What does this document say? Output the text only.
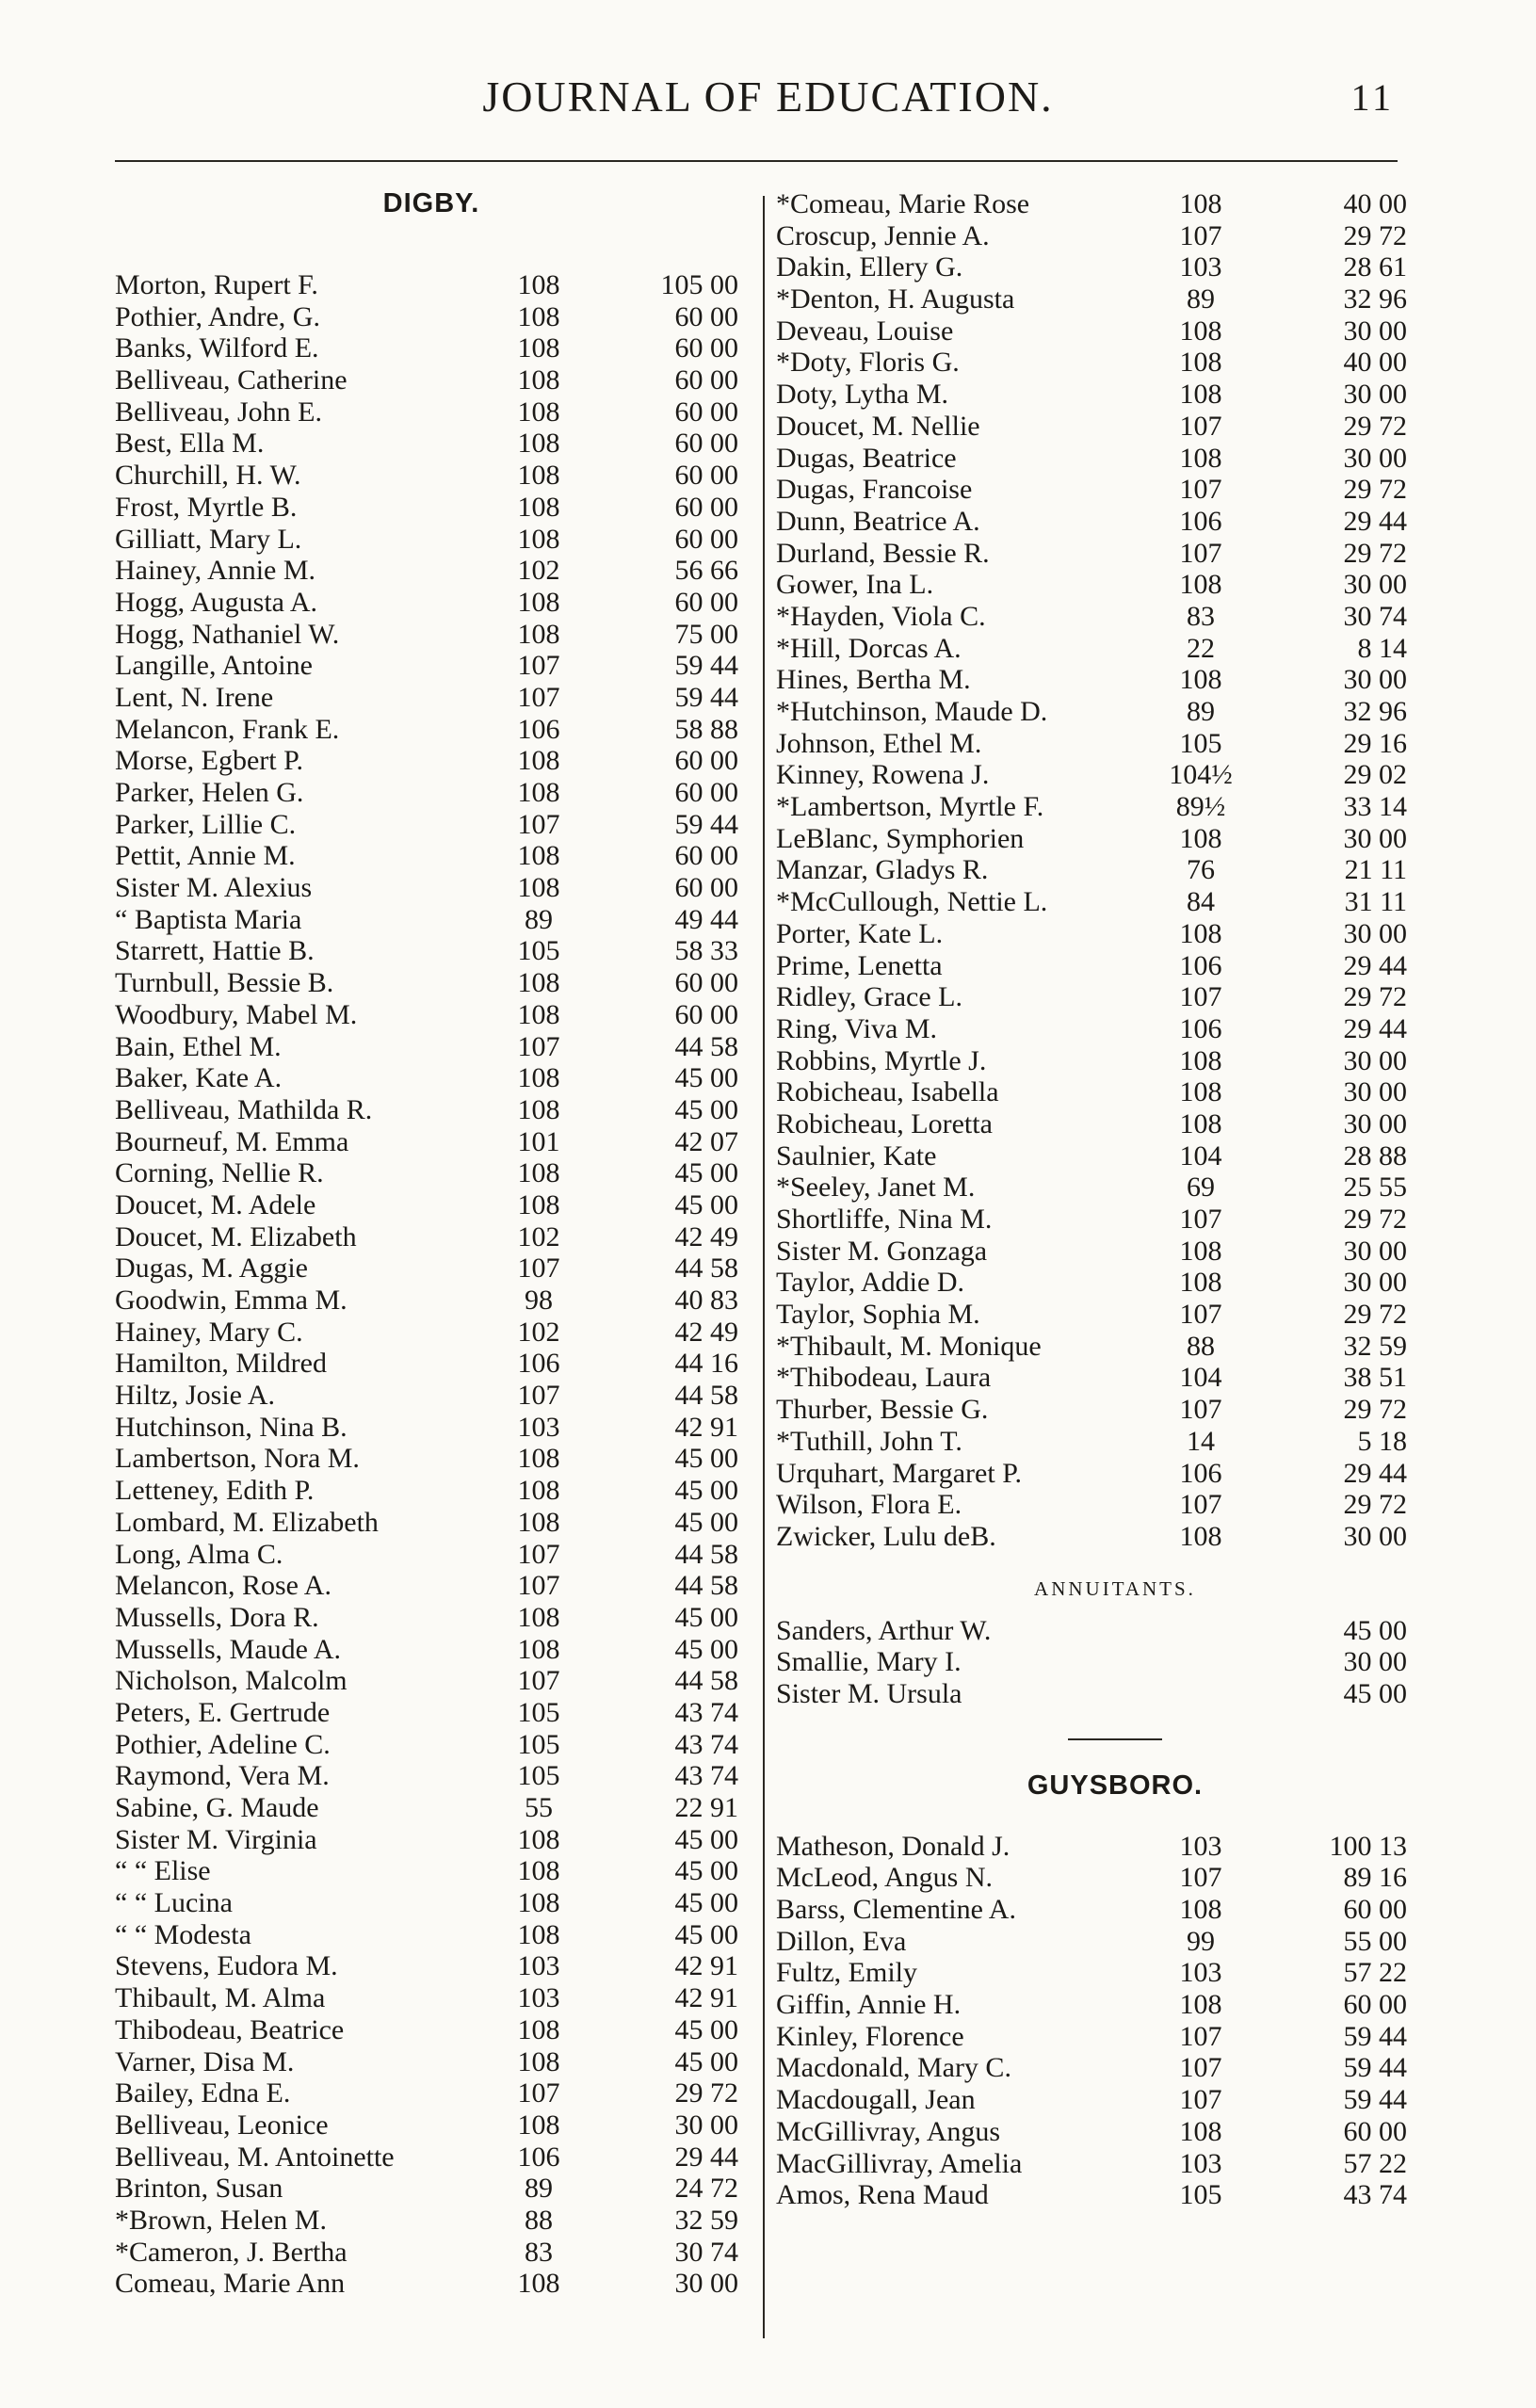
JOURNAL OF EDUCATION.	11
DIGBY.
Morton, Rupert F.	108	105 00
Pothier, Andre, G.	108	60 00
Banks, Wilford E.	108	60 00
Belliveau, Catherine	108	60 00
Belliveau, John E.	108	60 00
Best, Ella M.	108	60 00
Churchill, H. W.	108	60 00
Frost, Myrtle B.	108	60 00
Gilliatt, Mary L.	108	60 00
Hainey, Annie M.	102	56 66
Hogg, Augusta A.	108	60 00
Hogg, Nathaniel W.	108	75 00
Langille, Antoine	107	59 44
Lent, N. Irene	107	59 44
Melancon, Frank E.	106	58 88
Morse, Egbert P.	108	60 00
Parker, Helen G.	108	60 00
Parker, Lillie C.	107	59 44
Pettit, Annie M.	108	60 00
Sister M. Alexius	108	60 00
“ Baptista Maria	89	49 44
Starrett, Hattie B.	105	58 33
Turnbull, Bessie B.	108	60 00
Woodbury, Mabel M.	108	60 00
Bain, Ethel M.	107	44 58
Baker, Kate A.	108	45 00
Belliveau, Mathilda R.	108	45 00
Bourneuf, M. Emma	101	42 07
Corning, Nellie R.	108	45 00
Doucet, M. Adele	108	45 00
Doucet, M. Elizabeth	102	42 49
Dugas, M. Aggie	107	44 58
Goodwin, Emma M.	98	40 83
Hainey, Mary C.	102	42 49
Hamilton, Mildred	106	44 16
Hiltz, Josie A.	107	44 58
Hutchinson, Nina B.	103	42 91
Lambertson, Nora M.	108	45 00
Letteney, Edith P.	108	45 00
Lombard, M. Elizabeth	108	45 00
Long, Alma C.	107	44 58
Melancon, Rose A.	107	44 58
Mussells, Dora R.	108	45 00
Mussells, Maude A.	108	45 00
Nicholson, Malcolm	107	44 58
Peters, E. Gertrude	105	43 74
Pothier, Adeline C.	105	43 74
Raymond, Vera M.	105	43 74
Sabine, G. Maude	55	22 91
Sister M. Virginia	108	45 00
“ “ Elise	108	45 00
“ “ Lucina	108	45 00
“ “ Modesta	108	45 00
Stevens, Eudora M.	103	42 91
Thibault, M. Alma	103	42 91
Thibodeau, Beatrice	108	45 00
Varner, Disa M.	108	45 00
Bailey, Edna E.	107	29 72
Belliveau, Leonice	108	30 00
Belliveau, M. Antoinette	106	29 44
Brinton, Susan	89	24 72
*Brown, Helen M.	88	32 59
*Cameron, J. Bertha	83	30 74
Comeau, Marie Ann	108	30 00
*Comeau, Marie Rose	108	40 00
Croscup, Jennie A.	107	29 72
Dakin, Ellery G.	103	28 61
*Denton, H. Augusta	89	32 96
Deveau, Louise	108	30 00
*Doty, Floris G.	108	40 00
Doty, Lytha M.	108	30 00
Doucet, M. Nellie	107	29 72
Dugas, Beatrice	108	30 00
Dugas, Francoise	107	29 72
Dunn, Beatrice A.	106	29 44
Durland, Bessie R.	107	29 72
Gower, Ina L.	108	30 00
*Hayden, Viola C.	83	30 74
*Hill, Dorcas A.	22	8 14
Hines, Bertha M.	108	30 00
*Hutchinson, Maude D.	89	32 96
Johnson, Ethel M.	105	29 16
Kinney, Rowena J.	104½	29 02
*Lambertson, Myrtle F.	89½	33 14
LeBlanc, Symphorien	108	30 00
Manzar, Gladys R.	76	21 11
*McCullough, Nettie L.	84	31 11
Porter, Kate L.	108	30 00
Prime, Lenetta	106	29 44
Ridley, Grace L.	107	29 72
Ring, Viva M.	106	29 44
Robbins, Myrtle J.	108	30 00
Robicheau, Isabella	108	30 00
Robicheau, Loretta	108	30 00
Saulnier, Kate	104	28 88
*Seeley, Janet M.	69	25 55
Shortliffe, Nina M.	107	29 72
Sister M. Gonzaga	108	30 00
Taylor, Addie D.	108	30 00
Taylor, Sophia M.	107	29 72
*Thibault, M. Monique	88	32 59
*Thibodeau, Laura	104	38 51
Thurber, Bessie G.	107	29 72
*Tuthill, John T.	14	5 18
Urquhart, Margaret P.	106	29 44
Wilson, Flora E.	107	29 72
Zwicker, Lulu deB.	108	30 00
ANNUITANTS.
Sanders, Arthur W.	45 00
Smallie, Mary I.	30 00
Sister M. Ursula	45 00
GUYSBORO.
Matheson, Donald J.	103	100 13
McLeod, Angus N.	107	89 16
Barss, Clementine A.	108	60 00
Dillon, Eva	99	55 00
Fultz, Emily	103	57 22
Giffin, Annie H.	108	60 00
Kinley, Florence	107	59 44
Macdonald, Mary C.	107	59 44
Macdougall, Jean	107	59 44
McGillivray, Angus	108	60 00
MacGillivray, Amelia	103	57 22
Amos, Rena Maud	105	43 74
